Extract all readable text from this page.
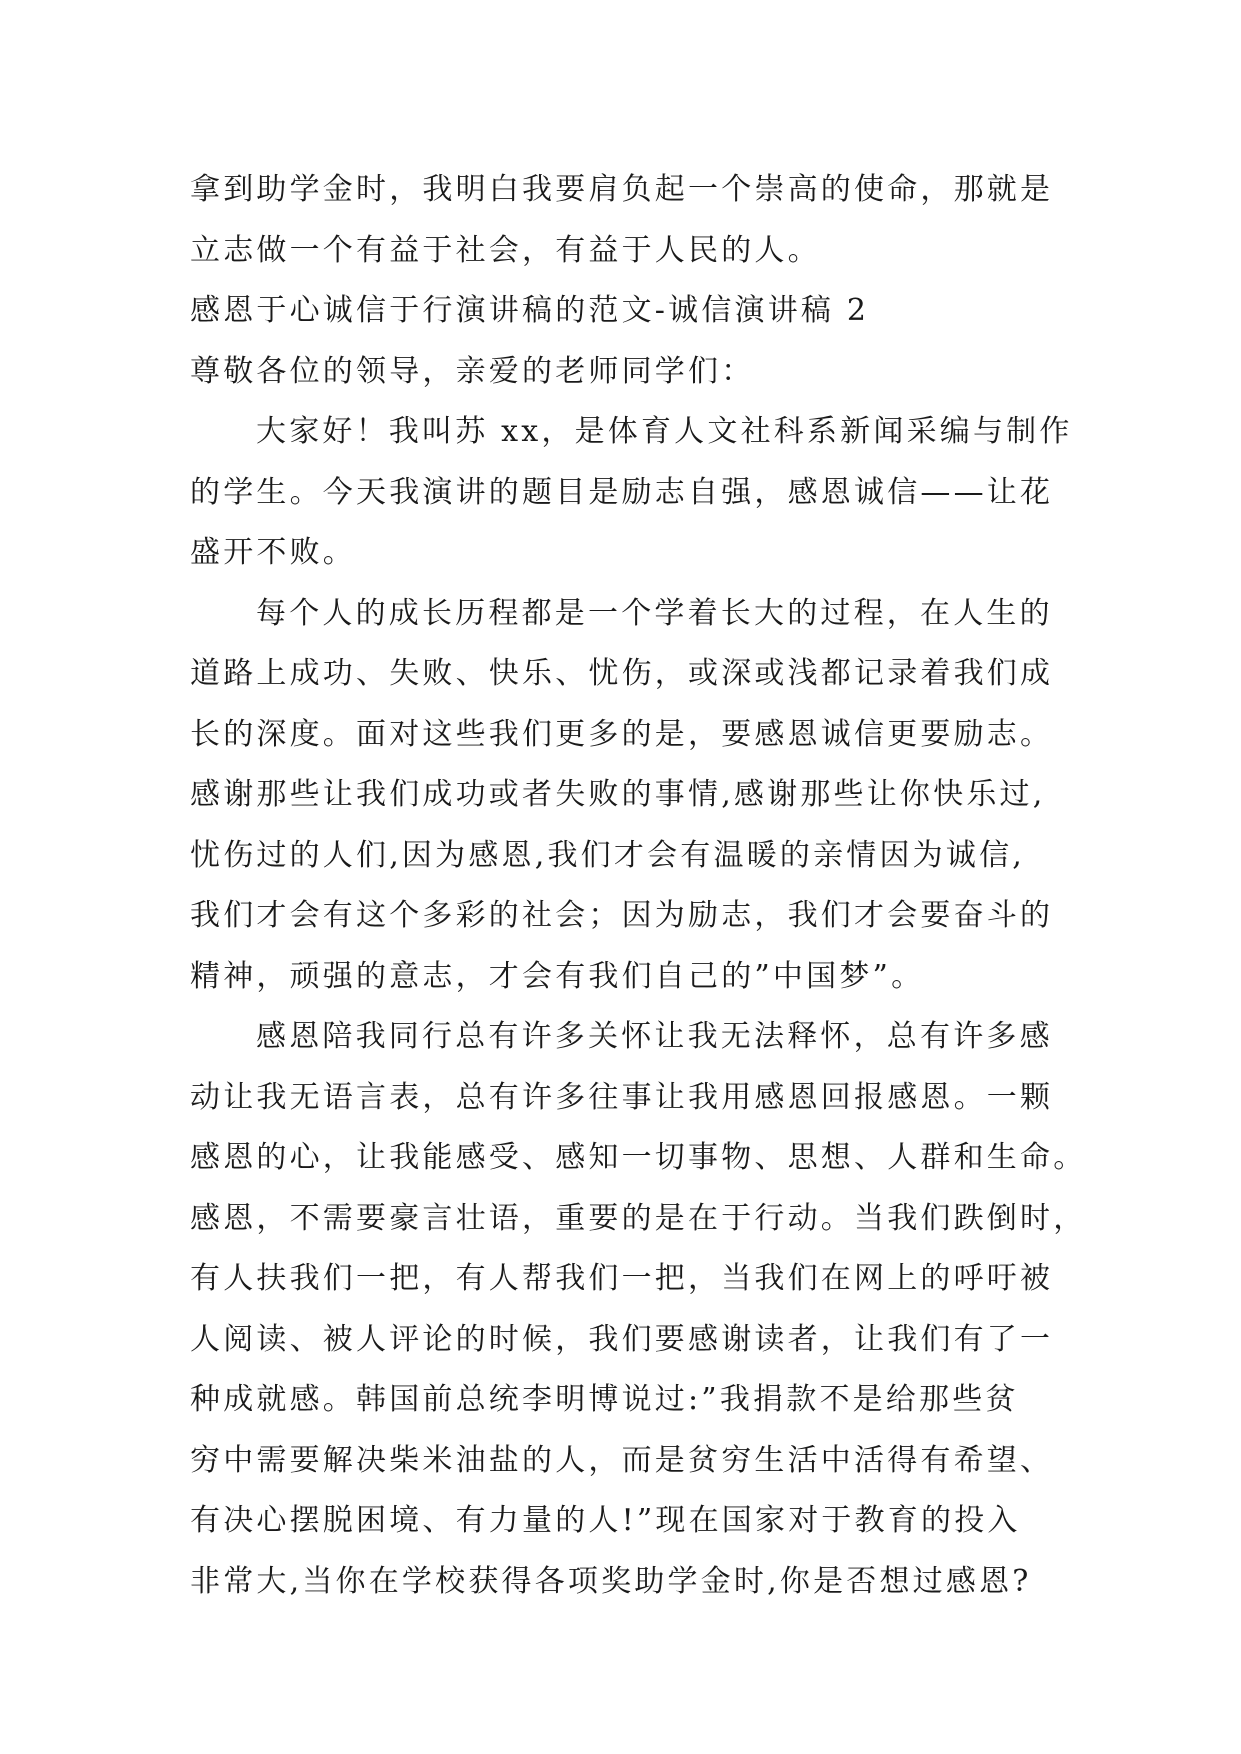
拿到助学金时，我明白我要肩负起一个崇高的使命，那就是
立志做一个有益于社会，有益于人民的人。
感恩于心诚信于行演讲稿的范文-诚信演讲稿 2
尊敬各位的领导，亲爱的老师同学们：
大家好！我叫苏 xx，是体育人文社科系新闻采编与制作
的学生。今天我演讲的题目是励志自强，感恩诚信——让花
盛开不败。
每个人的成长历程都是一个学着长大的过程，在人生的
道路上成功、失败、快乐、忧伤，或深或浅都记录着我们成
长的深度。面对这些我们更多的是，要感恩诚信更要励志。
感谢那些让我们成功或者失败的事情,感谢那些让你快乐过,
忧伤过的人们,因为感恩,我们才会有温暖的亲情因为诚信,
我们才会有这个多彩的社会；因为励志，我们才会要奋斗的
精神，顽强的意志，才会有我们自己的”中国梦”。
感恩陪我同行总有许多关怀让我无法释怀，总有许多感
动让我无语言表，总有许多往事让我用感恩回报感恩。一颗
感恩的心，让我能感受、感知一切事物、思想、人群和生命。
感恩，不需要豪言壮语，重要的是在于行动。当我们跌倒时，
有人扶我们一把，有人帮我们一把，当我们在网上的呼吁被
人阅读、被人评论的时候，我们要感谢读者，让我们有了一
种成就感。韩国前总统李明博说过:”我捐款不是给那些贫
穷中需要解决柴米油盐的人，而是贫穷生活中活得有希望、
有决心摆脱困境、有力量的人!”现在国家对于教育的投入
非常大,当你在学校获得各项奖助学金时,你是否想过感恩?
